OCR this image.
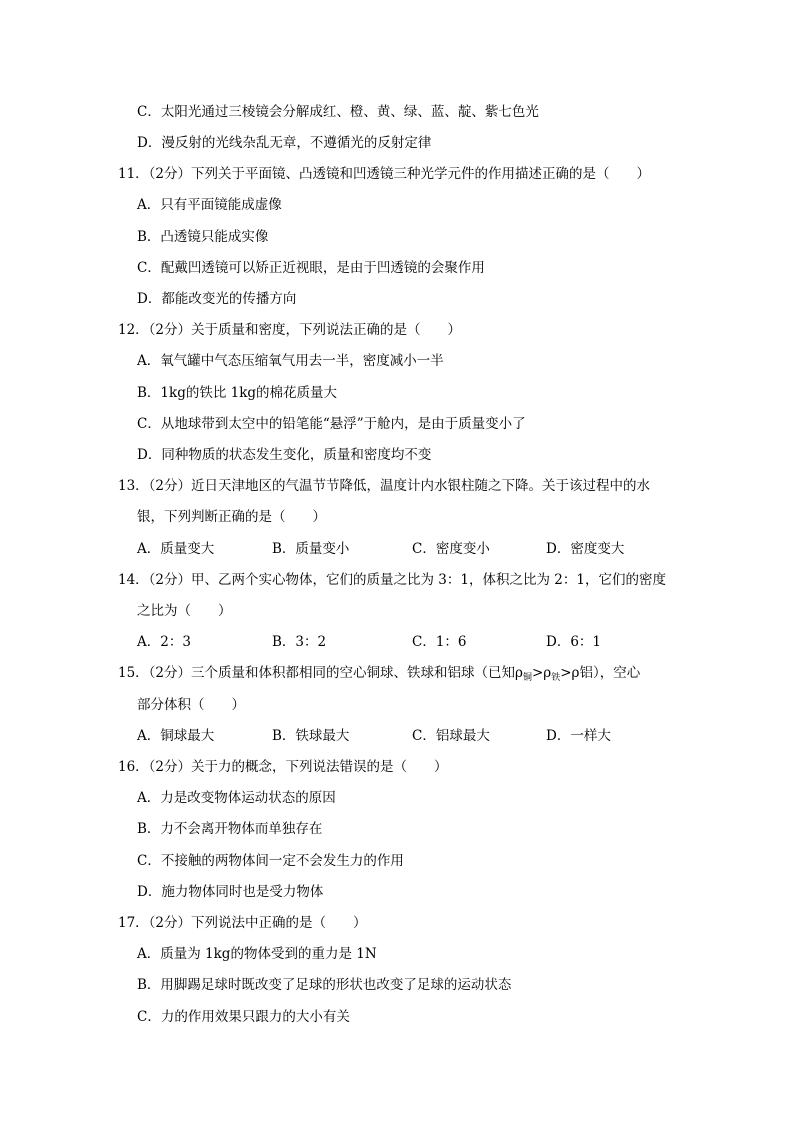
C．太阳光通过三棱镜会分解成红、橙、黄、绿、蓝、靛、紫七色光
D．漫反射的光线杂乱无章，不遵循光的反射定律
11．（2分）下列关于平面镜、凸透镜和凹透镜三种光学元件的作用描述正确的是（　　）
A．只有平面镜能成虚像
B．凸透镜只能成实像
C．配戴凹透镜可以矫正近视眼，是由于凹透镜的会聚作用
D．都能改变光的传播方向
12．（2分）关于质量和密度，下列说法正确的是（　　）
A．氧气罐中气态压缩氧气用去一半，密度减小一半
B．1kg的铁比 1kg的棉花质量大
C．从地球带到太空中的铅笔能“悬浮”于舱内，是由于质量变小了
D．同种物质的状态发生变化，质量和密度均不变
13．（2分）近日天津地区的气温节节降低，温度计内水银柱随之下降。关于该过程中的水
银，下列判断正确的是（　　）
A．质量变大	B．质量变小	C．密度变小	D．密度变大
14．（2分）甲、乙两个实心物体，它们的质量之比为 3：1，体积之比为 2：1，它们的密度
之比为（　　）
A．2：3	B．3：2	C．1：6	D．6：1
15．（2分）三个质量和体积都相同的空心铜球、铁球和铝球（已知$\rho_铜>\rho_铁>\rho$铝），空心
部分体积（　　）
A．铜球最大	B．铁球最大	C．铝球最大	D．一样大
16．（2分）关于力的概念，下列说法错误的是（　　）
A．力是改变物体运动状态的原因
B．力不会离开物体而单独存在
C．不接触的两物体间一定不会发生力的作用
D．施力物体同时也是受力物体
17．（2分）下列说法中正确的是（　　）
A．质量为 1kg的物体受到的重力是 1N
B．用脚踢足球时既改变了足球的形状也改变了足球的运动状态
C．力的作用效果只跟力的大小有关
